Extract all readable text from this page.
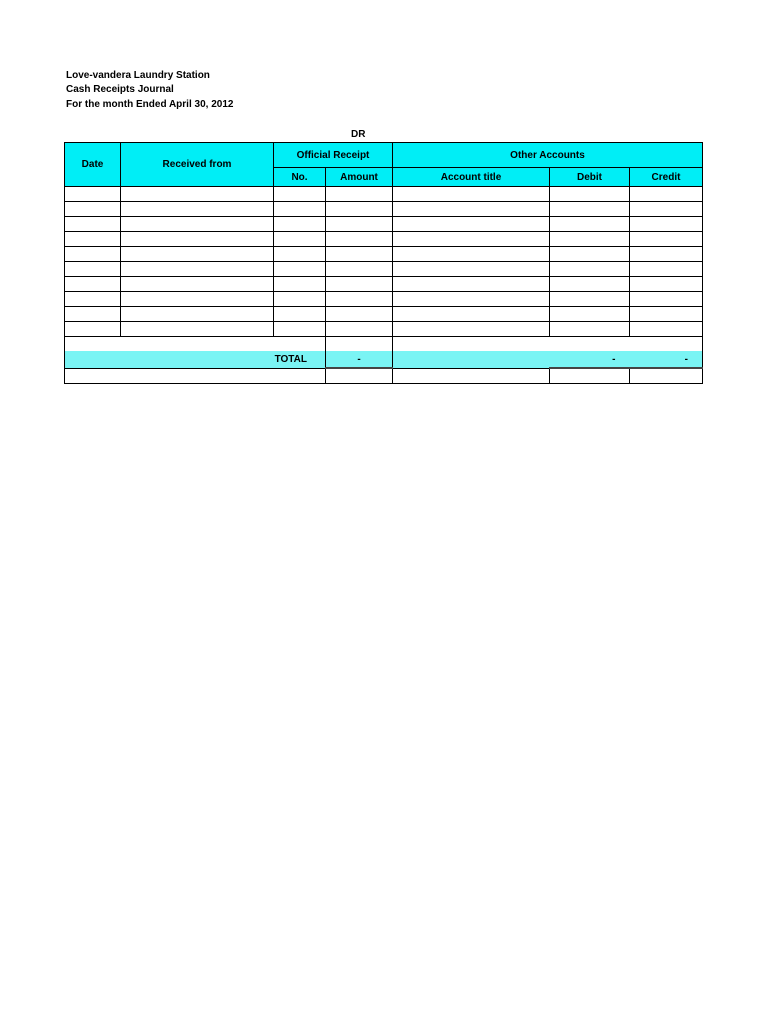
Love-vandera Laundry Station
Cash Receipts Journal
For the month Ended April 30, 2012
DR
Date	Received from	Official Receipt		Other Accounts		
		No.	Amount	Account title	Debit	Credit

TOTAL			-		-	-
